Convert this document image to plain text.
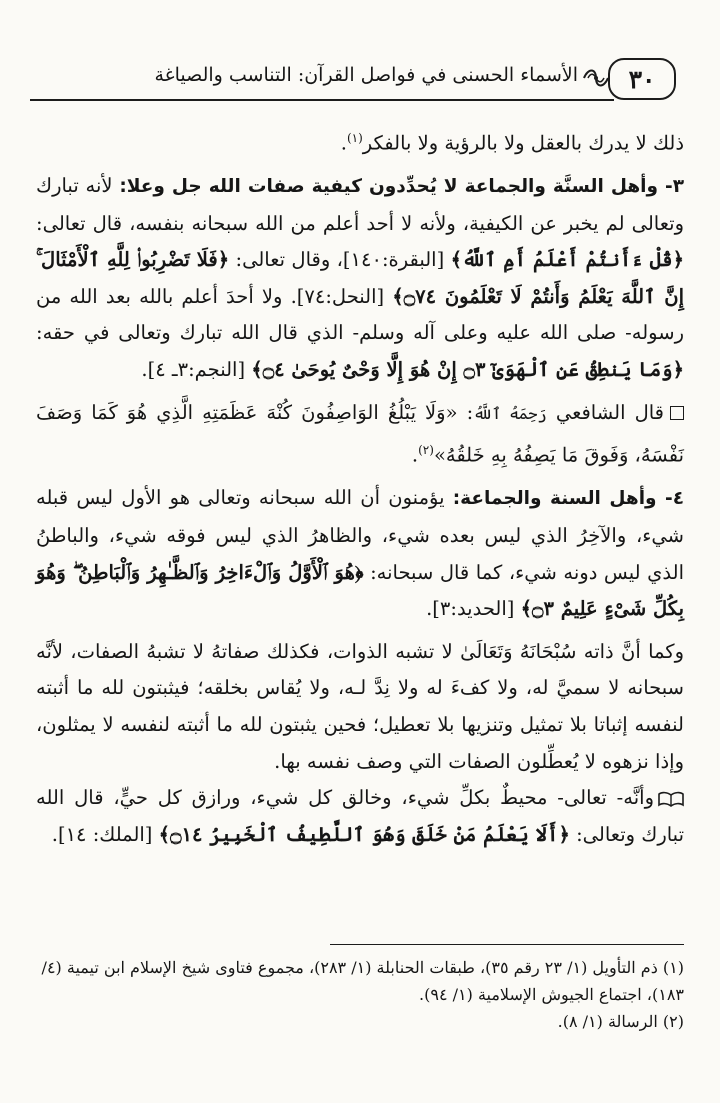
٣٠
الأسماء الحسنى في فواصل القرآن: التناسب والصياغة

ذلك لا يدرك بالعقل ولا بالرؤية ولا بالفكر$^{(١)}$.

٣- وأهل السنَّة والجماعة لا يُحدِّدون كيفية صفات الله جل وعلا: لأنه تبارك وتعالى لم يخبر عن الكيفية، ولأنه لا أحد أعلم من الله سبحانه بنفسه، قال تعالى: ﴿قُلْ ءَأَنتُمْ أَعْلَمُ أَمِ ٱللَّهُ﴾ [البقرة:١٤٠]، وقال تعالى: ﴿فَلَا تَضْرِبُوا۟ لِلَّهِ ٱلْأَمْثَالَ ۚ إِنَّ ٱللَّهَ يَعْلَمُ وَأَنتُمْ لَا تَعْلَمُونَ ۝٧٤﴾ [النحل:٧٤]. ولا أحدَ أعلم بالله بعد الله من رسوله- صلى الله عليه وعلى آله وسلم- الذي قال الله تبارك وتعالى في حقه: ﴿وَمَا يَنطِقُ عَنِ ٱلْهَوَىٰٓ ۝٣ إِنْ هُوَ إِلَّا وَحْىٌ يُوحَىٰ ۝٤﴾ [النجم:٣ـ ٤].

قال الشافعي رَحِمَهُ ٱللَّهُ: «وَلَا يَبْلُغُ الوَاصِفُونَ كُنْهَ عَظَمَتِهِ الَّذِي هُوَ كَمَا وَصَفَ نَفْسَهُ، وَفَوقَ مَا يَصِفُهُ بِهِ خَلقُهُ»$^{(٢)}$.

٤- وأهل السنة والجماعة: يؤمنون أن الله سبحانه وتعالى هو الأول ليس قبله شيء، والآخِرُ الذي ليس بعده شيء، والظاهرُ الذي ليس فوقه شيء، والباطنُ الذي ليس دونه شيء، كما قال سبحانه: ﴿هُوَ ٱلْأَوَّلُ وَٱلْءَاخِرُ وَٱلظَّـٰهِرُ وَٱلْبَاطِنُ ۖ وَهُوَ بِكُلِّ شَىْءٍ عَلِيمٌ ۝٣﴾ [الحديد:٣].

وكما أنَّ ذاته سُبْحَانَهُ وَتَعَالَىٰ لا تشبه الذوات، فكذلك صفاتهُ لا تشبهُ الصفات، لأنَّه سبحانه لا سميَّ له، ولا كفءَ له ولا نِدَّ لـه، ولا يُقاس بخلقه؛ فيثبتون لله ما أثبته لنفسه إثباتا بلا تمثيل وتنزيها بلا تعطيل؛ فحين يثبتون لله ما أثبته لنفسه لا يمثلون، وإذا نزهوه لا يُعطِّلون الصفات التي وصف نفسه بها.

وأنَّه- تعالى- محيطٌ بكلِّ شيء، وخالق كل شيء، ورازق كل حيٍّ، قال الله تبارك وتعالى: ﴿أَلَا يَعْلَمُ مَنْ خَلَقَ وَهُوَ ٱللَّطِيفُ ٱلْخَبِيرُ ۝١٤﴾ [الملك: ١٤].

(١) ذم التأويل (١/ ٢٣ رقم ٣٥)، طبقات الحنابلة (١/ ٢٨٣)، مجموع فتاوى شيخ الإسلام ابن تيمية (٤/ ١٨٣)، اجتماع الجيوش الإسلامية (١/ ٩٤).

(٢) الرسالة (١/ ٨).
